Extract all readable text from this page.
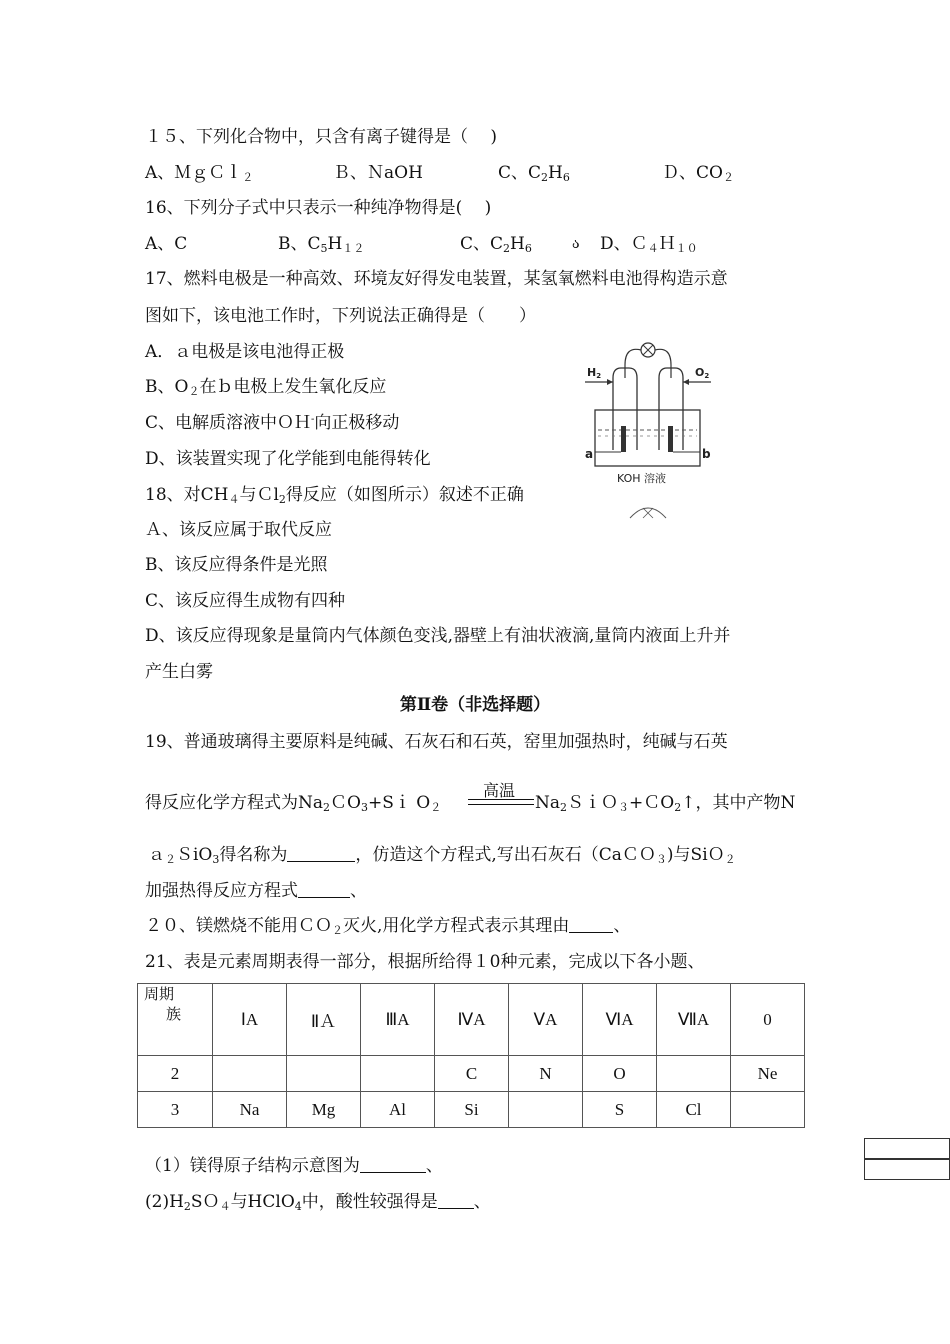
１５、下列化合物中，只含有离子键得是（　 )
A、ＭｇＣｌ$_2$	Ｂ、ＮaOH	C、$C_2H_6$	Ｄ、$CO_2$
16、下列分子式中只表示一种纯净物得是(　 )
A、C	B、$C_5H_{12}$	C、$C_2H_6$	ა D、Ｃ$_4$Ｈ$_{10}$
17、燃料电极是一种高效、环境友好得发电装置，某氢氧燃料电池得构造示意
图如下，该电池工作时，下列说法正确得是（　　）
A．ａ电极是该电池得正极
B、$O_2$在ｂ电极上发生氧化反应
C、电解质溶液中ＯＨ-向正极移动
D、该装置实现了化学能到电能得转化
H2	O2
a	b
KOH 溶液
18、对$CH_4$与Ｃl$_2$得反应（如图所示）叙述不正确
Ａ、该反应属于取代反应
B、该反应得条件是光照
C、该反应得生成物有四种
D、该反应得现象是量筒内气体颜色变浅,器壁上有油状液滴,量筒内液面上升并
产生白雾
第Ⅱ卷（非选择题）
19、普通玻璃得主要原料是纯碱、石灰石和石英，窑里加强热时，纯碱与石英
得反应化学方程式为$Na_2CO_3+Si$ $O_2$
高温
$Na_2SiO_3+CO_2↑$，其中产物N
ａ$_2$ＳiO$_3$得名称为	，仿造这个方程式,写出石灰石（CaＣＯ$_3$)与SiＯ$_2$
加强热得反应方程式	、
２０、镁燃烧不能用ＣＯ$_2$灭火,用化学方程式表示其理由	、
21、表是元素周期表得一部分，根据所给得１0种元素，完成以下各小题、
周期
族	ⅠA	ⅡＡ	ⅢA	ⅣA	ⅤA	ⅥA	ⅦA	0
2				C	N	O		Ne
3	Na	Mg	Al	Si		S	Cl	
（1）镁得原子结构示意图为	、
$(2)H_2SO_4$与HClO$_4$中，酸性较强得是 、
